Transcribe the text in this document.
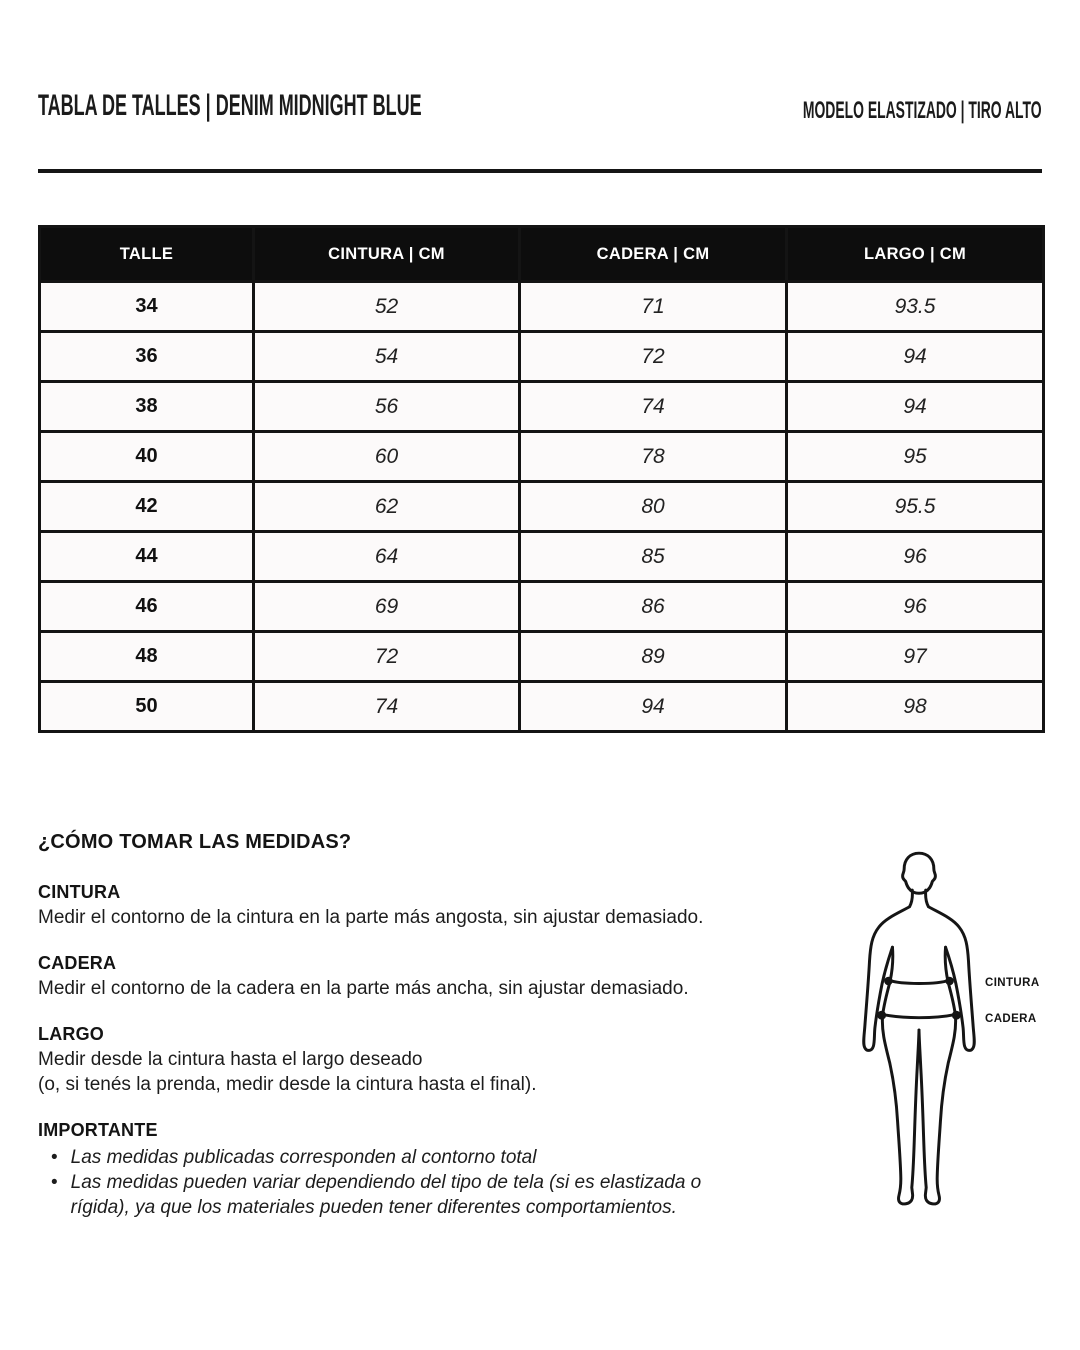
TABLA DE TALLES | DENIM MIDNIGHT BLUE	MODELO ELASTIZADO | TIRO ALTO
TALLE	CINTURA | CM	CADERA | CM	LARGO | CM
34	52	71	93.5
36	54	72	94
38	56	74	94
40	60	78	95
42	62	80	95.5
44	64	85	96
46	69	86	96
48	72	89	97
50	74	94	98
¿CÓMO TOMAR LAS MEDIDAS?
CINTURA

Medir el contorno de la cintura en la parte más angosta, sin ajustar demasiado.

CADERA

Medir el contorno de la cadera en la parte más ancha, sin ajustar demasiado.

LARGO

Medir desde la cintura hasta el largo deseado

(o, si tenés la prenda, medir desde la cintura hasta el final).

IMPORTANTE

• Las medidas publicadas corresponden al contorno total

• Las medidas pueden variar dependiendo del tipo de tela (si es elastizada o rígida), ya que los materiales pueden tener diferentes comportamientos.

CINTURA
CADERA
